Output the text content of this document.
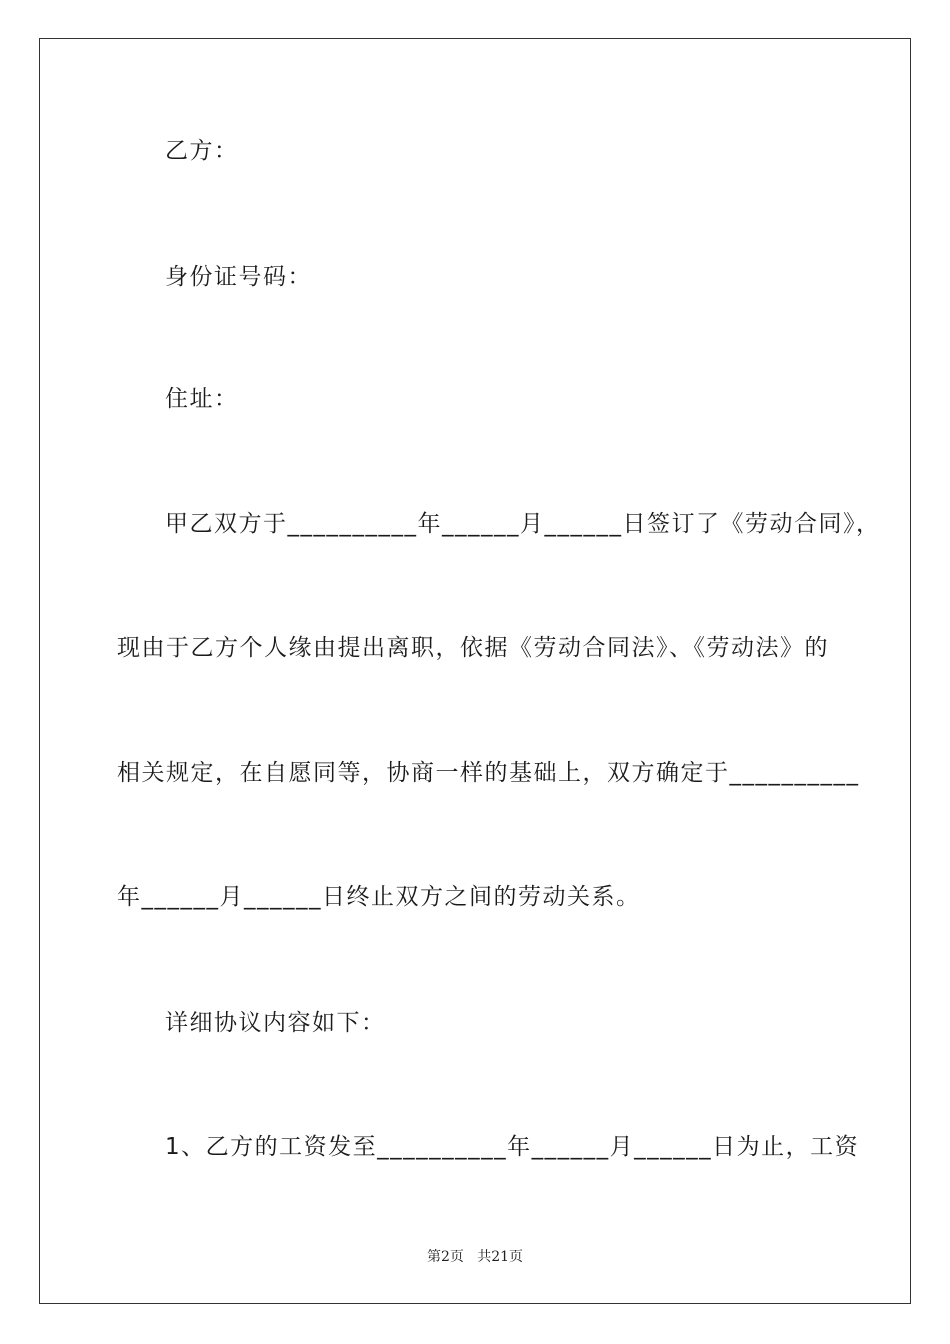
乙方：
身份证号码：
住址：
甲乙双方于__________年______月______日签订了《劳动合同》，
现由于乙方个人缘由提出离职，依据《劳动合同法》、《劳动法》的
相关规定，在自愿同等，协商一样的基础上，双方确定于__________
年______月______日终止双方之间的劳动关系。
详细协议内容如下：
1、乙方的工资发至__________年______月______日为止，工资
第2页   共21页
